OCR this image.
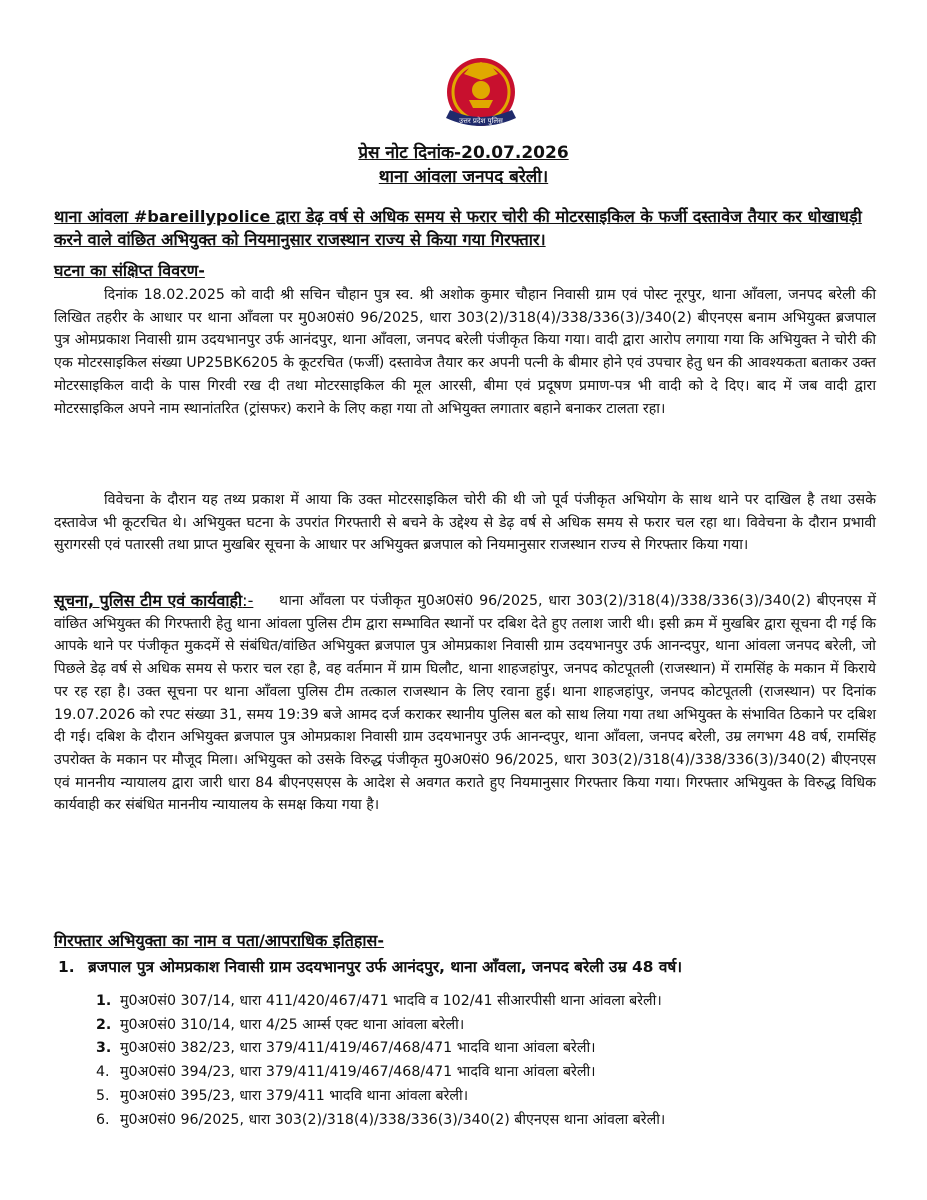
उत्तर प्रदेश पुलिस
प्रेस नोट दिनांक-20.07.2026
थाना आंवला जनपद बरेली।
थाना आंवला #bareillypolice द्वारा डेढ़ वर्ष से अधिक समय से फरार चोरी की मोटरसाइकिल के फर्जी दस्तावेज तैयार कर धोखाधड़ी करने वाले वांछित अभियुक्त को नियमानुसार राजस्थान राज्य से किया गया गिरफ्तार।
घटना का संक्षिप्त विवरण-
दिनांक 18.02.2025 को वादी श्री सचिन चौहान पुत्र स्व. श्री अशोक कुमार चौहान निवासी ग्राम एवं पोस्ट नूरपुर, थाना आँवला, जनपद बरेली की लिखित तहरीर के आधार पर थाना आँवला पर मु0अ0सं0 96/2025, धारा 303(2)/318(4)/338/336(3)/340(2) बीएनएस बनाम अभियुक्त ब्रजपाल पुत्र ओमप्रकाश निवासी ग्राम उदयभानपुर उर्फ आनंदपुर, थाना आँवला, जनपद बरेली पंजीकृत किया गया। वादी द्वारा आरोप लगाया गया कि अभियुक्त ने चोरी की एक मोटरसाइकिल संख्या UP25BK6205 के कूटरचित (फर्जी) दस्तावेज तैयार कर अपनी पत्नी के बीमार होने एवं उपचार हेतु धन की आवश्यकता बताकर उक्त मोटरसाइकिल वादी के पास गिरवी रख दी तथा मोटरसाइकिल की मूल आरसी, बीमा एवं प्रदूषण प्रमाण-पत्र भी वादी को दे दिए। बाद में जब वादी द्वारा मोटरसाइकिल अपने नाम स्थानांतरित (ट्रांसफर) कराने के लिए कहा गया तो अभियुक्त लगातार बहाने बनाकर टालता रहा।
विवेचना के दौरान यह तथ्य प्रकाश में आया कि उक्त मोटरसाइकिल चोरी की थी जो पूर्व पंजीकृत अभियोग के साथ थाने पर दाखिल है तथा उसके दस्तावेज भी कूटरचित थे। अभियुक्त घटना के उपरांत गिरफ्तारी से बचने के उद्देश्य से डेढ़ वर्ष से अधिक समय से फरार चल रहा था। विवेचना के दौरान प्रभावी सुरागरसी एवं पतारसी तथा प्राप्त मुखबिर सूचना के आधार पर अभियुक्त ब्रजपाल को नियमानुसार राजस्थान राज्य से गिरफ्तार किया गया।
सूचना, पुलिस टीम एवं कार्यवाही:-	थाना आँवला पर पंजीकृत मु0अ0सं0 96/2025, धारा 303(2)/318(4)/338/336(3)/340(2) बीएनएस में वांछित अभियुक्त की गिरफ्तारी हेतु थाना आंवला पुलिस टीम द्वारा सम्भावित स्थानों पर दबिश देते हुए तलाश जारी थी। इसी क्रम में मुखबिर द्वारा सूचना दी गई कि आपके थाने पर पंजीकृत मुकदमें से संबंधित/वांछित अभियुक्त ब्रजपाल पुत्र ओमप्रकाश निवासी ग्राम उदयभानपुर उर्फ आनन्दपुर, थाना आंवला जनपद बरेली, जो पिछले डेढ़ वर्ष से अधिक समय से फरार चल रहा है, वह वर्तमान में ग्राम घिलौट, थाना शाहजहांपुर, जनपद कोटपूतली (राजस्थान) में रामसिंह के मकान में किराये पर रह रहा है। उक्त सूचना पर थाना आँवला पुलिस टीम तत्काल राजस्थान के लिए रवाना हुई। थाना शाहजहांपुर, जनपद कोटपूतली (राजस्थान) पर दिनांक 19.07.2026 को रपट संख्या 31, समय 19:39 बजे आमद दर्ज कराकर स्थानीय पुलिस बल को साथ लिया गया तथा अभियुक्त के संभावित ठिकाने पर दबिश दी गई। दबिश के दौरान अभियुक्त ब्रजपाल पुत्र ओमप्रकाश निवासी ग्राम उदयभानपुर उर्फ आनन्दपुर, थाना आँवला, जनपद बरेली, उम्र लगभग 48 वर्ष, रामसिंह उपरोक्त के मकान पर मौजूद मिला। अभियुक्त को उसके विरुद्ध पंजीकृत मु0अ0सं0 96/2025, धारा 303(2)/318(4)/338/336(3)/340(2) बीएनएस एवं माननीय न्यायालय द्वारा जारी धारा 84 बीएनएसएस के आदेश से अवगत कराते हुए नियमानुसार गिरफ्तार किया गया। गिरफ्तार अभियुक्त के विरुद्ध विधिक कार्यवाही कर संबंधित माननीय न्यायालय के समक्ष किया गया है।
गिरफ्तार अभियुक्ता का नाम व पता/आपराधिक इतिहास-
1. ब्रजपाल पुत्र ओमप्रकाश निवासी ग्राम उदयभानपुर उर्फ आनंदपुर, थाना आँवला, जनपद बरेली उम्र 48 वर्ष।
1. मु0अ0सं0 307/14, धारा 411/420/467/471 भादवि व 102/41 सीआरपीसी थाना आंवला बरेली।
2. मु0अ0सं0 310/14, धारा 4/25 आर्म्स एक्ट थाना आंवला बरेली।
3. मु0अ0सं0 382/23, धारा 379/411/419/467/468/471 भादवि थाना आंवला बरेली।
4. मु0अ0सं0 394/23, धारा 379/411/419/467/468/471 भादवि थाना आंवला बरेली।
5. मु0अ0सं0 395/23, धारा 379/411 भादवि थाना आंवला बरेली।
6. मु0अ0सं0 96/2025, धारा 303(2)/318(4)/338/336(3)/340(2) बीएनएस थाना आंवला बरेली।
